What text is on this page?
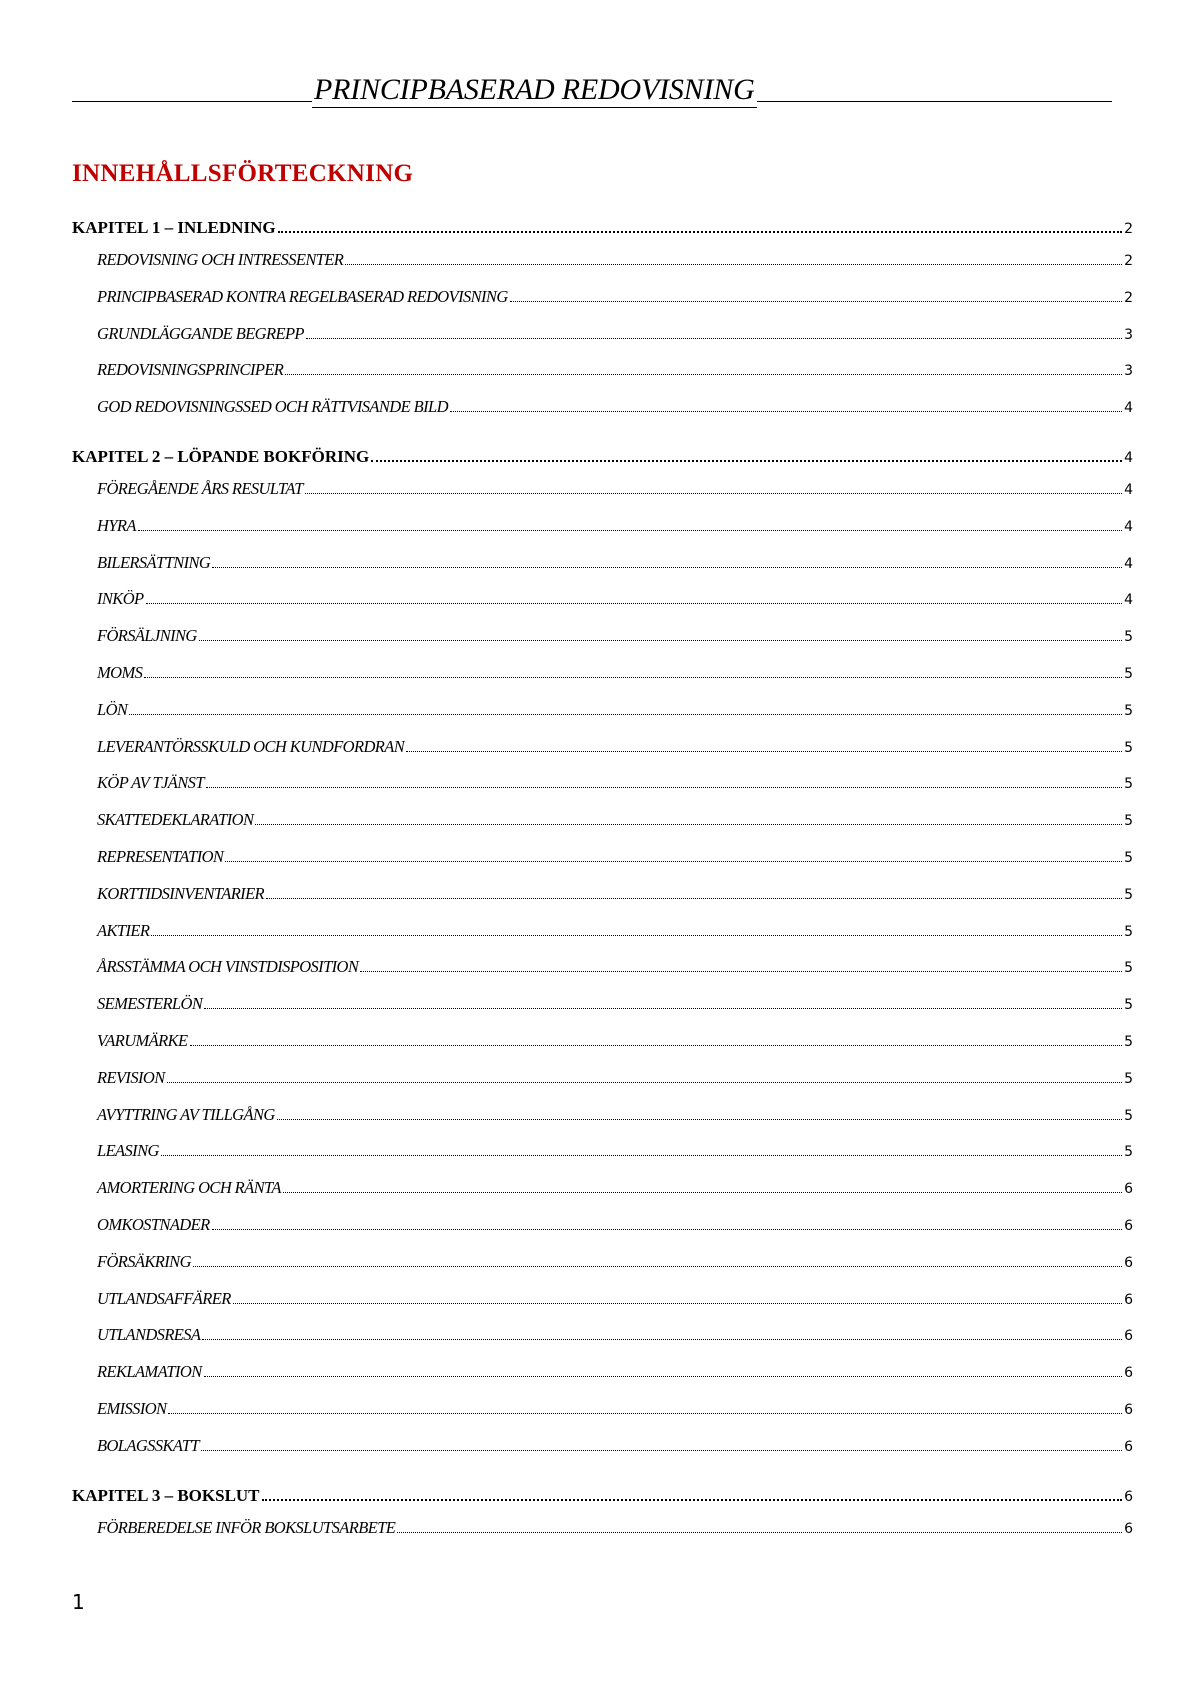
PRINCIPBASERAD REDOVISNING
INNEHÅLLSFÖRTECKNING
KAPITEL 1 – INLEDNING	2
REDOVISNING OCH INTRESSENTER	2
PRINCIPBASERAD KONTRA REGELBASERAD REDOVISNING	2
GRUNDLÄGGANDE BEGREPP	3
REDOVISNINGSPRINCIPER	3
GOD REDOVISNINGSSED OCH RÄTTVISANDE BILD	4
KAPITEL 2 – LÖPANDE BOKFÖRING	4
FÖREGÅENDE ÅRS RESULTAT	4
HYRA	4
BILERSÄTTNING	4
INKÖP	4
FÖRSÄLJNING	5
MOMS	5
LÖN	5
LEVERANTÖRSSKULD OCH KUNDFORDRAN	5
KÖP AV TJÄNST	5
SKATTEDEKLARATION	5
REPRESENTATION	5
KORTTIDSINVENTARIER	5
AKTIER	5
ÅRSSTÄMMA OCH VINSTDISPOSITION	5
SEMESTERLÖN	5
VARUMÄRKE	5
REVISION	5
AVYTTRING AV TILLGÅNG	5
LEASING	5
AMORTERING OCH RÄNTA	6
OMKOSTNADER	6
FÖRSÄKRING	6
UTLANDSAFFÄRER	6
UTLANDSRESA	6
REKLAMATION	6
EMISSION	6
BOLAGSSKATT	6
KAPITEL 3 – BOKSLUT	6
FÖRBEREDELSE INFÖR BOKSLUTSARBETE	6
1
